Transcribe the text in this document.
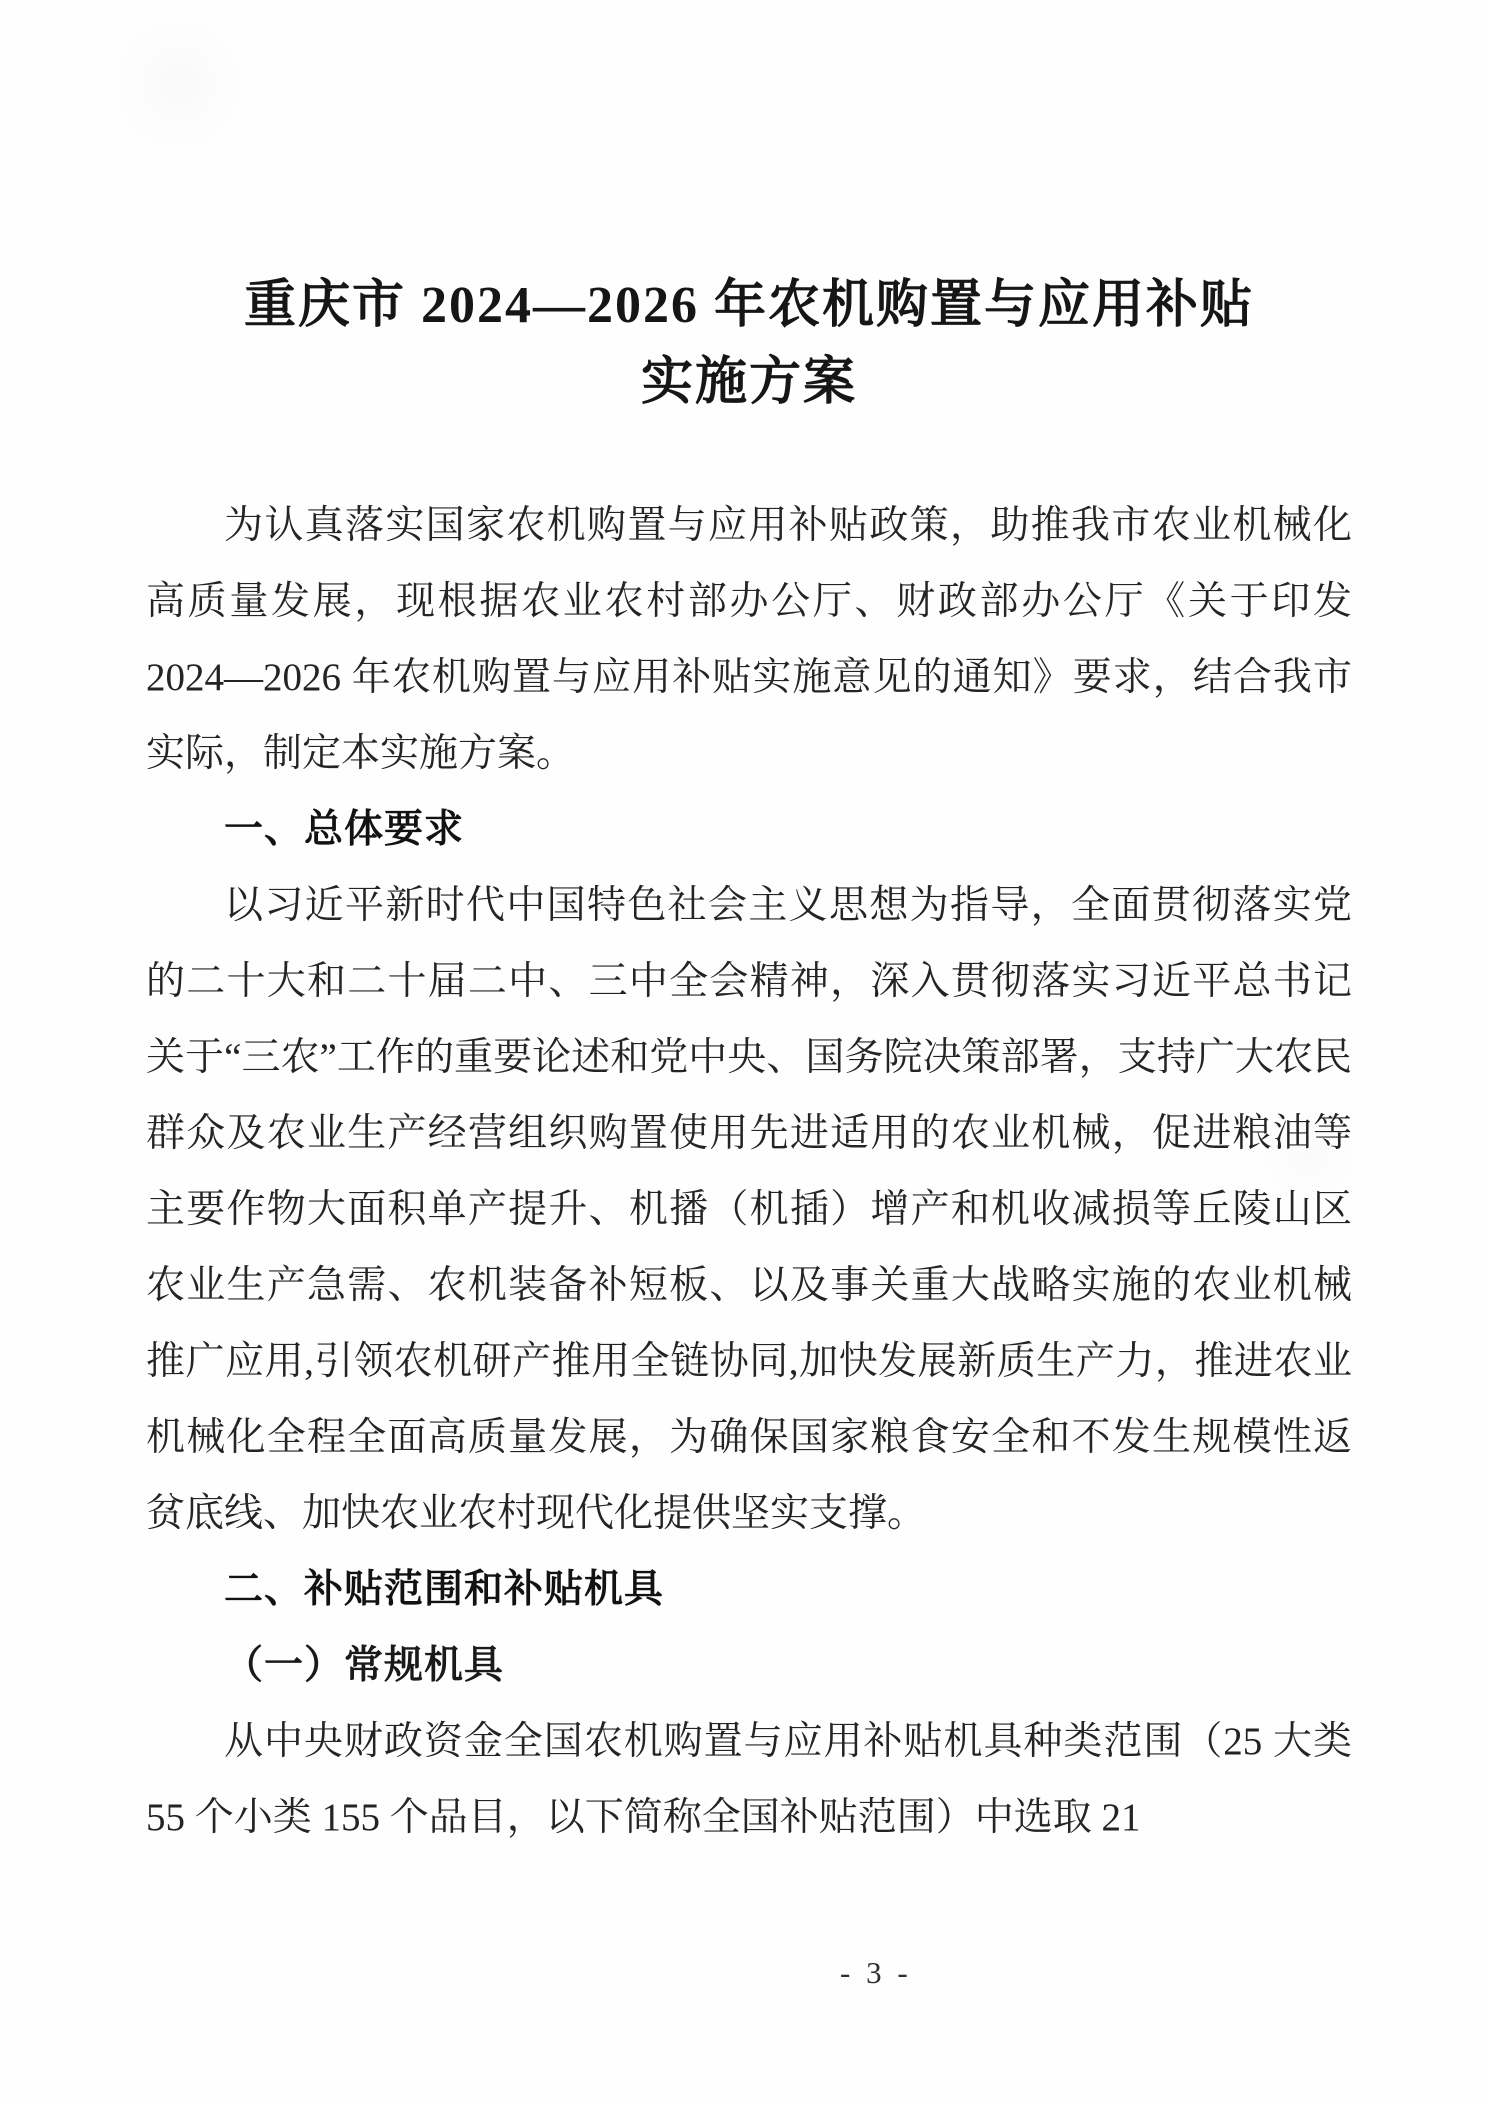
重庆市 2024—2026 年农机购置与应用补贴
实施方案

为认真落实国家农机购置与应用补贴政策，助推我市农业机械化高质量发展，现根据农业农村部办公厅、财政部办公厅《关于印发 2024—2026 年农机购置与应用补贴实施意见的通知》要求，结合我市实际，制定本实施方案。

一、总体要求

以习近平新时代中国特色社会主义思想为指导，全面贯彻落实党的二十大和二十届二中、三中全会精神，深入贯彻落实习近平总书记关于“三农”工作的重要论述和党中央、国务院决策部署，支持广大农民群众及农业生产经营组织购置使用先进适用的农业机械，促进粮油等主要作物大面积单产提升、机播（机插）增产和机收减损等丘陵山区农业生产急需、农机装备补短板、以及事关重大战略实施的农业机械推广应用,引领农机研产推用全链协同,加快发展新质生产力，推进农业机械化全程全面高质量发展，为确保国家粮食安全和不发生规模性返贫底线、加快农业农村现代化提供坚实支撑。

二、补贴范围和补贴机具

（一）常规机具

从中央财政资金全国农机购置与应用补贴机具种类范围（25 大类 55 个小类 155 个品目，以下简称全国补贴范围）中选取 21

- 3 -
